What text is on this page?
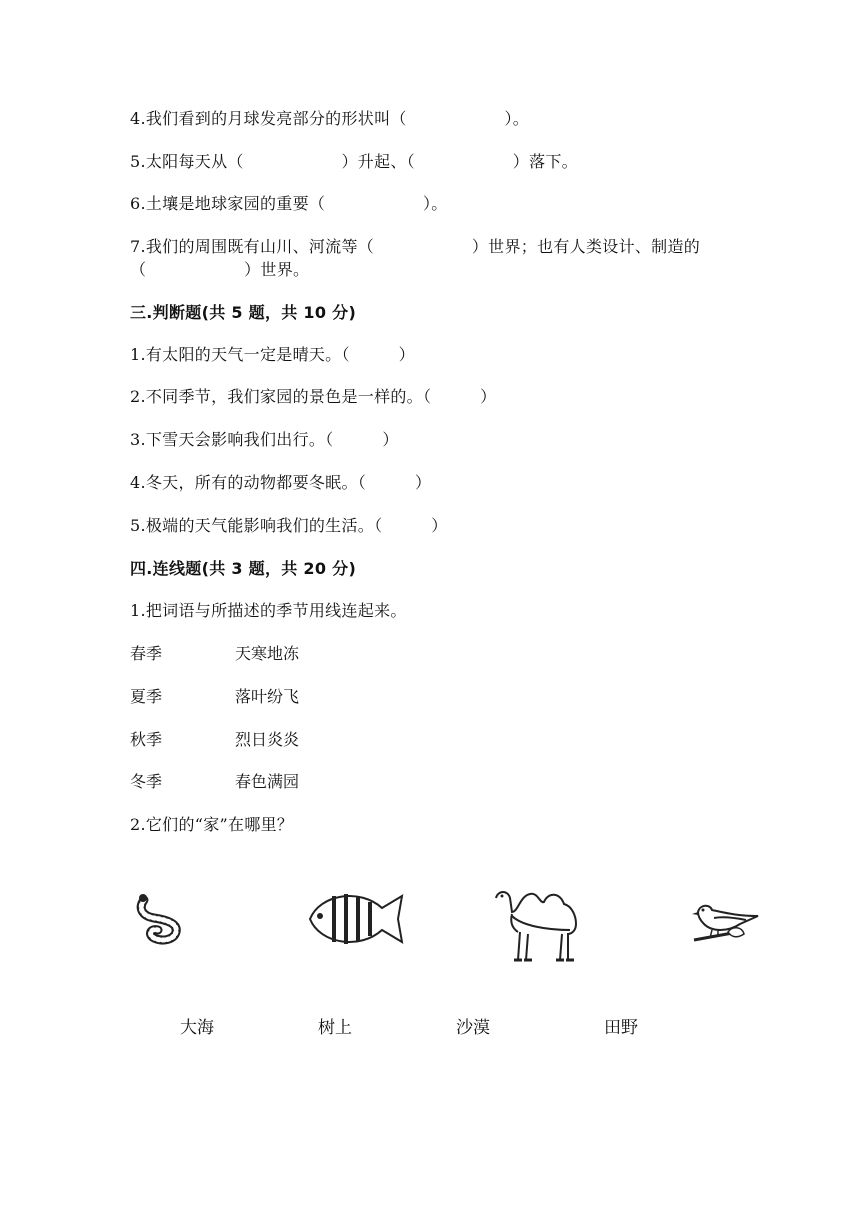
4.我们看到的月球发亮部分的形状叫（　　　　　　）。
5.太阳每天从（　　　　　　）升起、（　　　　　　）落下。
6.土壤是地球家园的重要（　　　　　　）。
7.我们的周围既有山川、河流等（　　　　　　）世界；也有人类设计、制造的
（　　　　　　）世界。
三.判断题(共 5 题，共 10 分)
1.有太阳的天气一定是晴天。（　　　）
2.不同季节，我们家园的景色是一样的。（　　　）
3.下雪天会影响我们出行。（　　　）
4.冬天，所有的动物都要冬眠。（　　　）
5.极端的天气能影响我们的生活。（　　　）
四.连线题(共 3 题，共 20 分)
1.把词语与所描述的季节用线连起来。
春季	天寒地冻
夏季	落叶纷飞
秋季	烈日炎炎
冬季	春色满园
2.它们的“家”在哪里？
大海	树上	沙漠	田野
